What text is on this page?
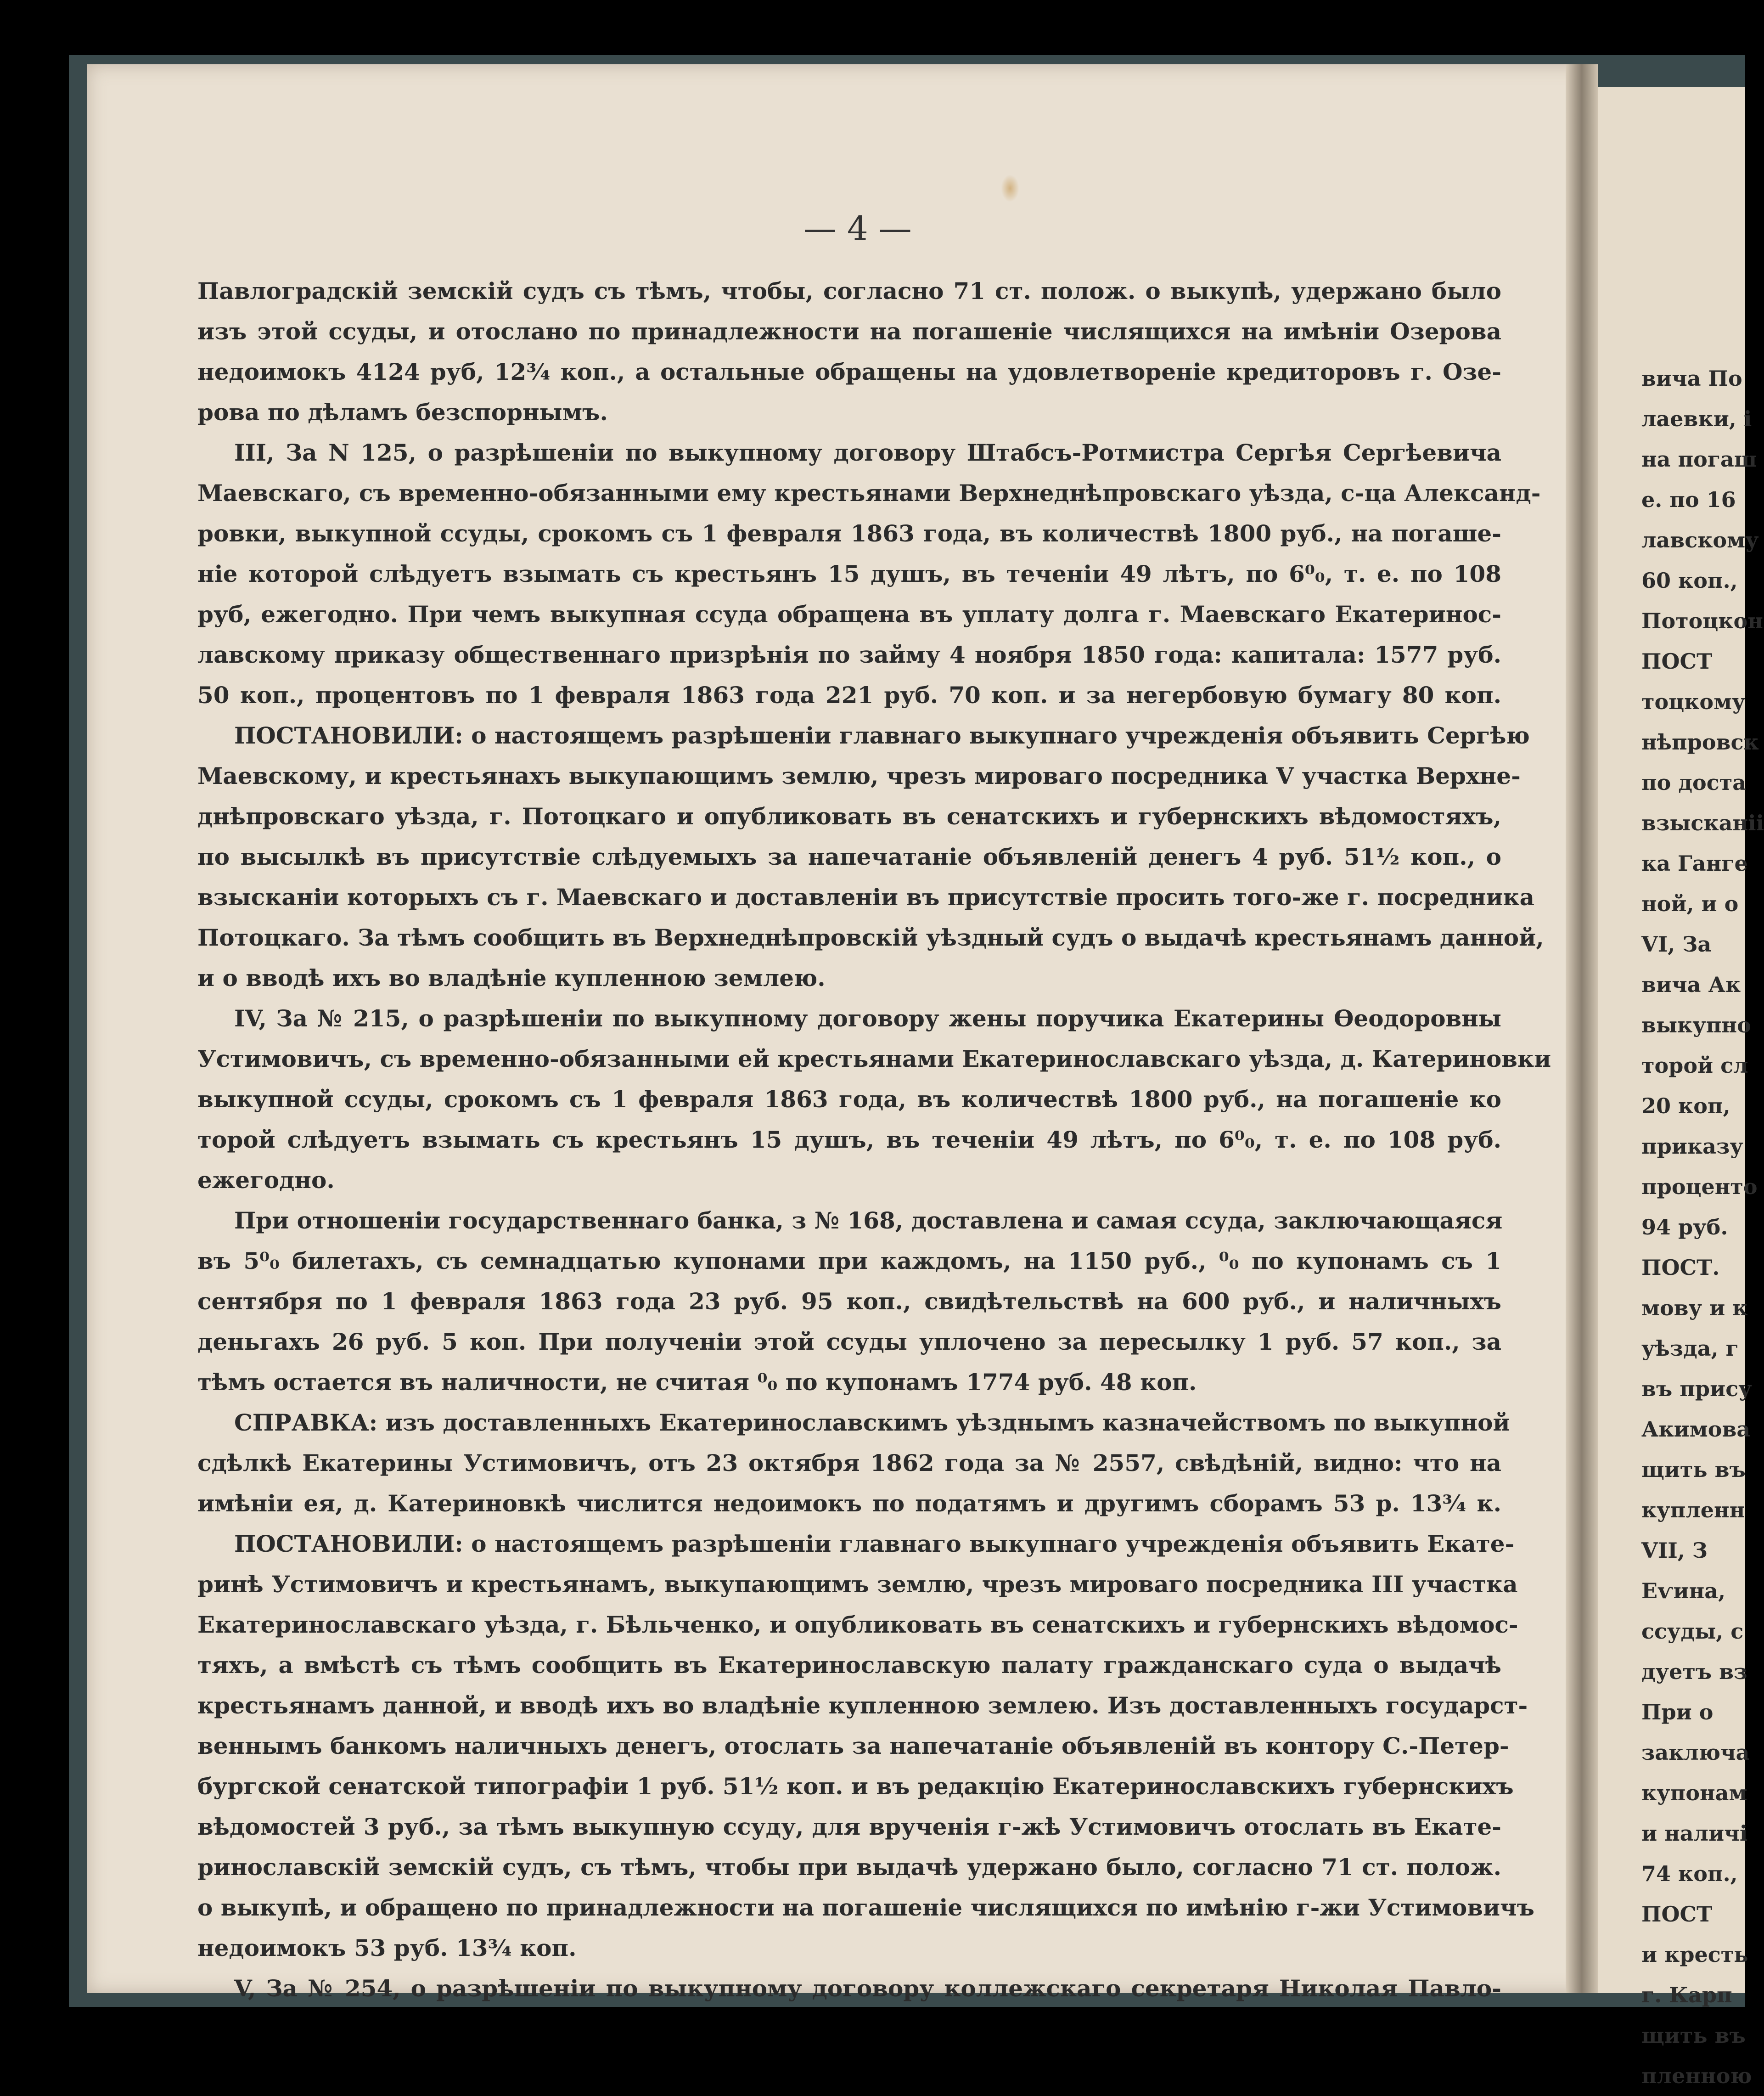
вича По
лаевки, і
на погаш
е. по 16
лавскому
60 коп.,
Потоцкон
ПОСТ
тоцкому
нѣпровск
по доста
взысканіі
ка Ганге
ной, и о
VI, За
вича Ак
выкупно
торой сл
20 коп,
приказу
проценто
94 руб.
ПОСТ.
мову и к
уѣзда, г
въ прису
Акимова
щить въ
купленн
VII, З
Еѵина,
ссуды, с
дуетъ вз
При о
заключа
купонам
и наличі
74 коп.,
ПОСТ
и кресть
г. Карп
щить въ
пленною
— 4 —
Павлоградскій земскій судъ съ тѣмъ, чтобы, согласно 71 ст. полож. о выкупѣ, удержано было
изъ этой ссуды, и отослано по принадлежности на погашеніе числящихся на имѣніи Озерова
недоимокъ 4124 руб, 12¾ коп., а остальные обращены на удовлетвореніе кредиторовъ г. Озе-
рова по дѣламъ безспорнымъ.
III, За N 125, о разрѣшеніи по выкупному договору Штабсъ-Ротмистра Сергѣя Сергѣевича
Маевскаго, съ временно-обязанными ему крестьянами Верхнеднѣпровскаго уѣзда, с-ца Александ-
ровки, выкупной ссуды, срокомъ съ 1 февраля 1863 года, въ количествѣ 1800 руб., на погаше-
ніе которой слѣдуетъ взымать съ крестьянъ 15 душъ, въ теченіи 49 лѣтъ, по 6⁰₀, т. е. по 108
руб, ежегодно. При чемъ выкупная ссуда обращена въ уплату долга г. Маевскаго Екатеринос-
лавскому приказу общественнаго призрѣнія по займу 4 ноября 1850 года: капитала: 1577 руб.
50 коп., процентовъ по 1 февраля 1863 года 221 руб. 70 коп. и за негербовую бумагу 80 коп.
ПОСТАНОВИЛИ: о настоящемъ разрѣшеніи главнаго выкупнаго учрежденія объявить Сергѣю
Маевскому, и крестьянахъ выкупающимъ землю, чрезъ мироваго посредника V участка Верхне-
днѣпровскаго уѣзда, г. Потоцкаго и опубликовать въ сенатскихъ и губернскихъ вѣдомостяхъ,
по высылкѣ въ присутствіе слѣдуемыхъ за напечатаніе объявленій денегъ 4 руб. 51½ коп., о
взысканіи которыхъ съ г. Маевскаго и доставленіи въ присутствіе просить того-же г. посредника
Потоцкаго. За тѣмъ сообщить въ Верхнеднѣпровскій уѣздный судъ о выдачѣ крестьянамъ данной,
и о вводѣ ихъ во владѣніе купленною землею.
IV, За № 215, о разрѣшеніи по выкупному договору жены поручика Екатерины Өеодоровны
Устимовичъ, съ временно-обязанными ей крестьянами Екатеринославскаго уѣзда, д. Катериновки
выкупной ссуды, срокомъ съ 1 февраля 1863 года, въ количествѣ 1800 руб., на погашеніе ко
торой слѣдуетъ взымать съ крестьянъ 15 душъ, въ теченіи 49 лѣтъ, по 6⁰₀, т. е. по 108 руб.
ежегодно.
При отношеніи государственнаго банка, з № 168, доставлена и самая ссуда, заключающаяся
въ 5⁰₀ билетахъ, съ семнадцатью купонами при каждомъ, на 1150 руб., ⁰₀ по купонамъ съ 1
сентября по 1 февраля 1863 года 23 руб. 95 коп., свидѣтельствѣ на 600 руб., и наличныхъ
деньгахъ 26 руб. 5 коп. При полученіи этой ссуды уплочено за пересылку 1 руб. 57 коп., за
тѣмъ остается въ наличности, не считая ⁰₀ по купонамъ 1774 руб. 48 коп.
СПРАВКА: изъ доставленныхъ Екатеринославскимъ уѣзднымъ казначействомъ по выкупной
сдѣлкѣ Екатерины Устимовичъ, отъ 23 октября 1862 года за № 2557, свѣдѣній, видно: что на
имѣніи ея, д. Катериновкѣ числится недоимокъ по податямъ и другимъ сборамъ 53 р. 13¾ к.
ПОСТАНОВИЛИ: о настоящемъ разрѣшеніи главнаго выкупнаго учрежденія объявить Екате-
ринѣ Устимовичъ и крестьянамъ, выкупающимъ землю, чрезъ мироваго посредника III участка
Екатеринославскаго уѣзда, г. Бѣльченко, и опубликовать въ сенатскихъ и губернскихъ вѣдомос-
тяхъ, а вмѣстѣ съ тѣмъ сообщить въ Екатеринославскую палату гражданскаго суда о выдачѣ
крестьянамъ данной, и вводѣ ихъ во владѣніе купленною землею. Изъ доставленныхъ государст-
веннымъ банкомъ наличныхъ денегъ, отослать за напечатаніе объявленій въ контору С.-Петер-
бургской сенатской типографіи 1 руб. 51½ коп. и въ редакцію Екатеринославскихъ губернскихъ
вѣдомостей 3 руб., за тѣмъ выкупную ссуду, для врученія г-жѣ Устимовичъ отослать въ Екате-
ринославскій земскій судъ, съ тѣмъ, чтобы при выдачѣ удержано было, согласно 71 ст. полож.
о выкупѣ, и обращено по принадлежности на погашеніе числящихся по имѣнію г-жи Устимовичъ
недоимокъ 53 руб. 13¾ коп.
V, За № 254, о разрѣшеніи по выкупному договору коллежскаго секретаря Николая Павло-
